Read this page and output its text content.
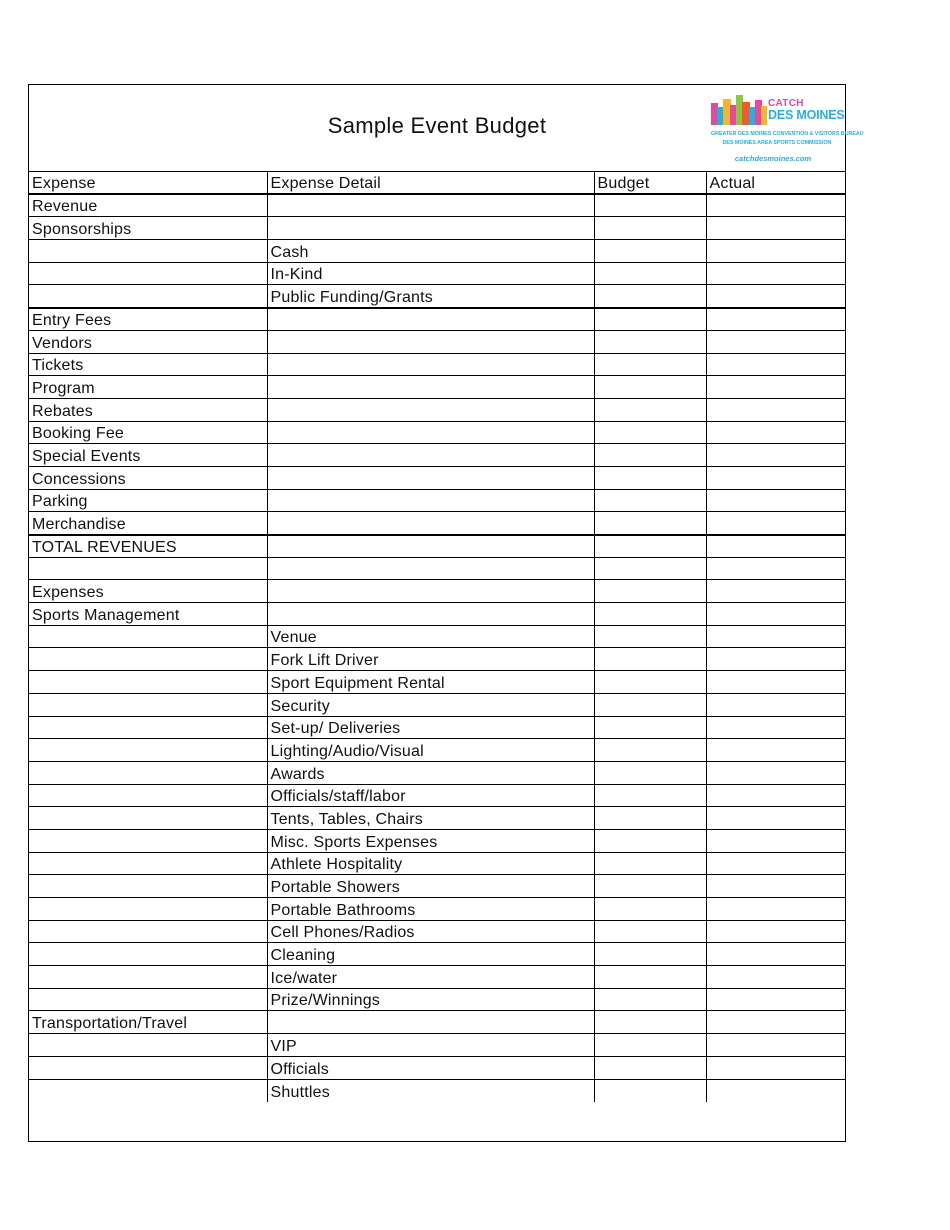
Sample Event Budget
CATCH
DES MOINES
GREATER DES MOINES CONVENTION & VISITORS BUREAU
DES MOINES AREA SPORTS COMMISSION
catchdesmoines.com
Expense	Expense Detail	Budget	Actual
Revenue			
Sponsorships			
	Cash		
	In-Kind		
	Public Funding/Grants		
Entry Fees			
Vendors			
Tickets			
Program			
Rebates			
Booking Fee			
Special Events			
Concessions			
Parking			
Merchandise			
TOTAL REVENUES			

Expenses			
Sports Management			
	Venue		
	Fork Lift Driver		
	Sport Equipment Rental		
	Security		
	Set-up/ Deliveries		
	Lighting/Audio/Visual		
	Awards		
	Officials/staff/labor		
	Tents, Tables, Chairs		
	Misc. Sports Expenses		
	Athlete Hospitality		
	Portable Showers		
	Portable Bathrooms		
	Cell Phones/Radios		
	Cleaning		
	Ice/water		
	Prize/Winnings		
Transportation/Travel			
	VIP		
	Officials		
	Shuttles		
